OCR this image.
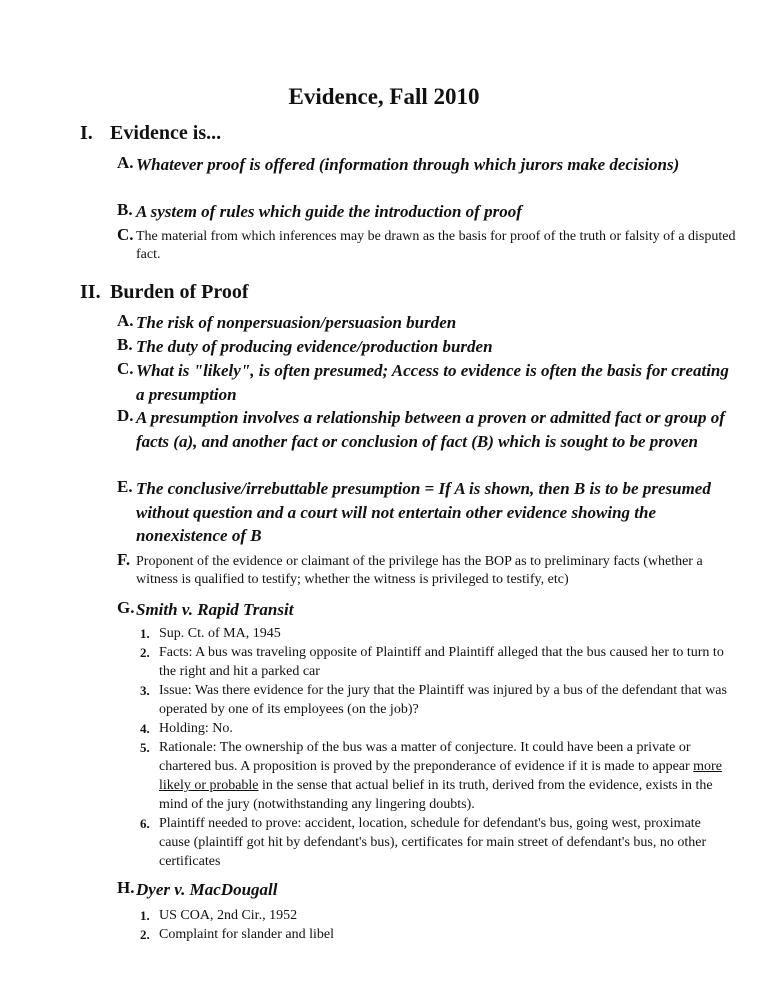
Evidence, Fall 2010
I. Evidence is...
A. Whatever proof is offered (information through which jurors make decisions)
B. A system of rules which guide the introduction of proof
C. The material from which inferences may be drawn as the basis for proof of the truth or falsity of a disputed fact.
II. Burden of Proof
A. The risk of nonpersuasion/persuasion burden
B. The duty of producing evidence/production burden
C. What is "likely", is often presumed; Access to evidence is often the basis for creating a presumption
D. A presumption involves a relationship between a proven or admitted fact or group of facts (a), and another fact or conclusion of fact (B) which is sought to be proven
E. The conclusive/irrebuttable presumption = If A is shown, then B is to be presumed without question and a court will not entertain other evidence showing the nonexistence of B
F. Proponent of the evidence or claimant of the privilege has the BOP as to preliminary facts (whether a witness is qualified to testify; whether the witness is privileged to testify, etc)
G. Smith v. Rapid Transit
1. Sup. Ct. of MA, 1945
2. Facts: A bus was traveling opposite of Plaintiff and Plaintiff alleged that the bus caused her to turn to the right and hit a parked car
3. Issue: Was there evidence for the jury that the Plaintiff was injured by a bus of the defendant that was operated by one of its employees (on the job)?
4. Holding: No.
5. Rationale: The ownership of the bus was a matter of conjecture. It could have been a private or chartered bus. A proposition is proved by the preponderance of evidence if it is made to appear more likely or probable in the sense that actual belief in its truth, derived from the evidence, exists in the mind of the jury (notwithstanding any lingering doubts).
6. Plaintiff needed to prove: accident, location, schedule for defendant's bus, going west, proximate cause (plaintiff got hit by defendant's bus), certificates for main street of defendant's bus, no other certificates
H. Dyer v. MacDougall
1. US COA, 2nd Cir., 1952
2. Complaint for slander and libel
